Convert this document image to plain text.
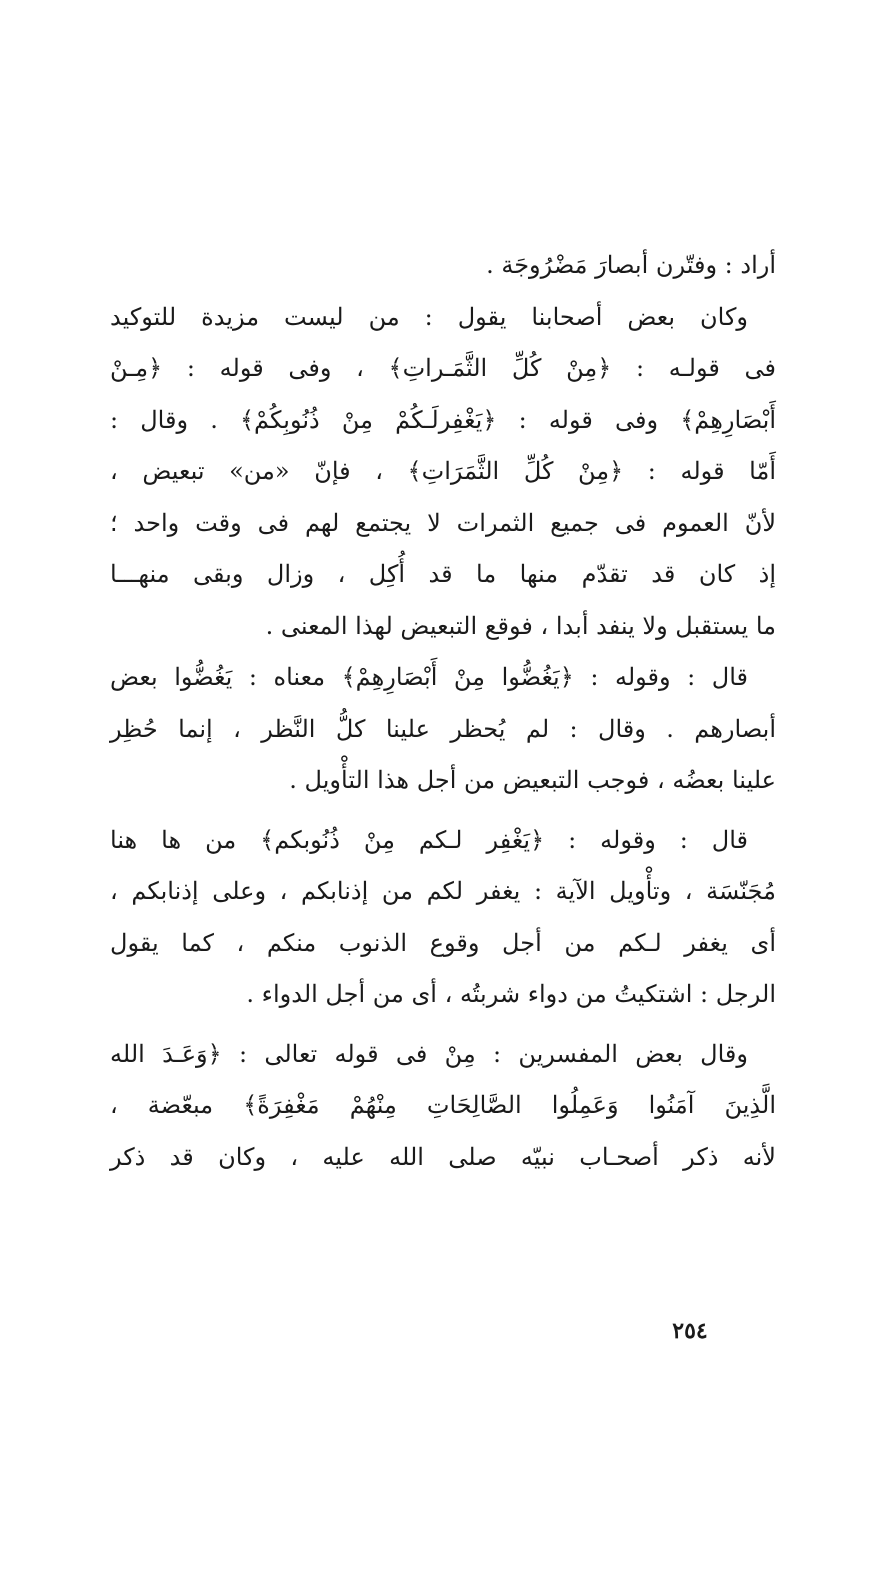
أراد : وفتّرن أبصارَ مَضْرُوجَة .
وكان بعض أصحابنا يقول : من ليست مزيدة للتوكيد
فى قولـه : ﴿مِنْ كُلِّ الثَّمَـراتِ﴾ ، وفى قوله : ﴿مِـنْ
أَبْصَارِهِمْ﴾ وفى قوله : ﴿يَغْفِرلَـكُمْ مِنْ ذُنُوبِكُمْ﴾ . وقال :
أَمّا قوله : ﴿مِنْ كُلِّ الثَّمَرَاتِ﴾ ، فإنّ «من» تبعيض ،
لأنّ العموم فى جميع الثمرات لا يجتمع لهم فى وقت واحد ؛
إذ كان قد تقدّم منها ما قد أُكِل ، وزال وبقى منهـــا
ما يستقبل ولا ينفد أبدا ، فوقع التبعيض لهذا المعنى .
قال : وقوله : ﴿يَغُضُّوا مِنْ أَبْصَارِهِمْ﴾ معناه : يَغُضُّوا بعض
أبصارهم . وقال : لم يُحظر علينا كلُّ النَّظر ، إنما حُظِر
علينا بعضُه ، فوجب التبعيض من أجل هذا التأْويل .
قال : وقوله : ﴿يَغْفِر لـكم مِنْ ذُنُوبكم﴾ من ها هنا
مُجَنّسَة ، وتأْويل الآية : يغفر لكم من إذنابكم ، وعلى إذنابكم ،
أى يغفر لـكم من أجل وقوع الذنوب منكم ، كما يقول
الرجل : اشتكيتُ من دواء شربتُه ، أى من أجل الدواء .
وقال بعض المفسرين : مِنْ فى قوله تعالى : ﴿وَعَـدَ الله
الَّذِينَ آمَنُوا وَعَمِلُوا الصَّالِحَاتِ مِنْهُمْ مَغْفِرَةً﴾ مبعّضة ،
لأنه ذكر أصحـاب نبيّه صلى الله عليه ، وكان قد ذكر
٢٥٤
